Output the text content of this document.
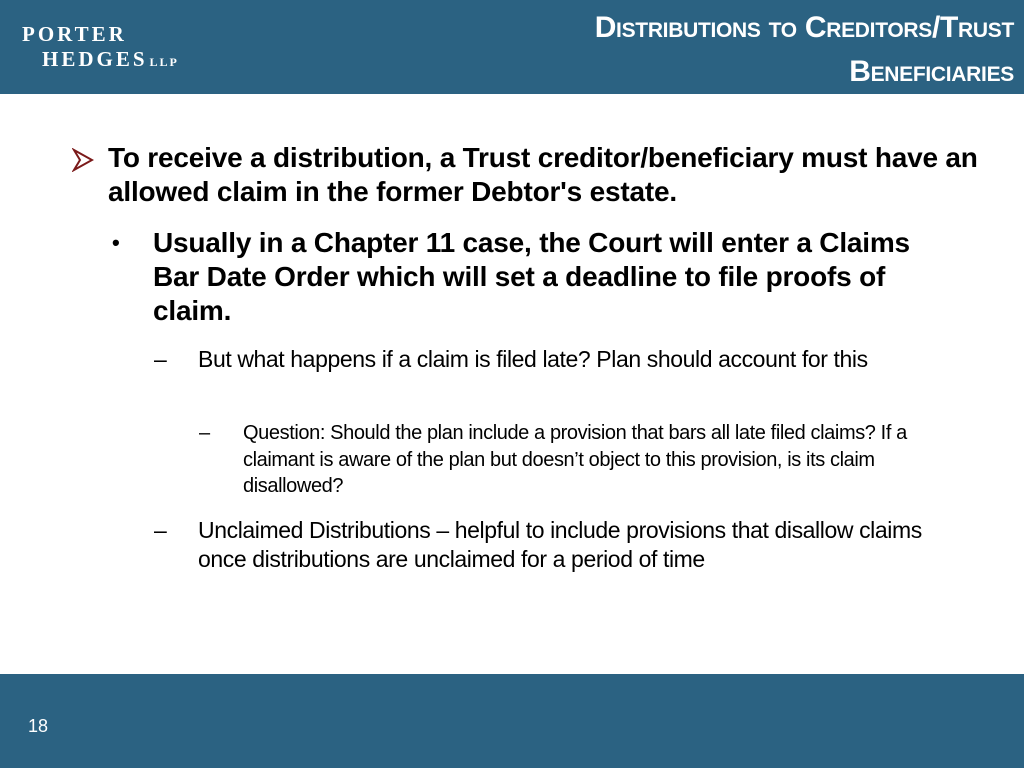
PORTER
HEDGES LLP
Distributions to Creditors/Trust
Beneficiaries
To receive a distribution, a Trust creditor/beneficiary must have an allowed claim in the former Debtor's estate.
• Usually in a Chapter 11 case, the Court will enter a Claims Bar Date Order which will set a deadline to file proofs of claim.
– But what happens if a claim is filed late? Plan should account for this
– Question: Should the plan include a provision that bars all late filed claims? If a claimant is aware of the plan but doesn’t object to this provision, is its claim disallowed?
– Unclaimed Distributions – helpful to include provisions that disallow claims once distributions are unclaimed for a period of time
18
